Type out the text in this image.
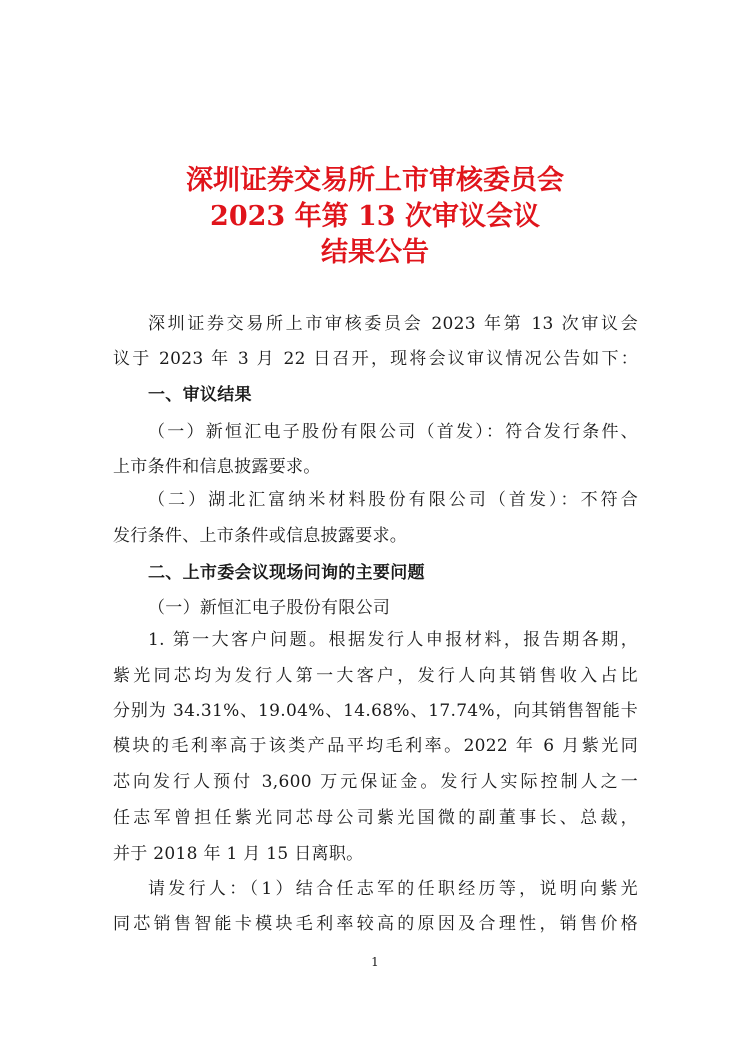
深圳证券交易所上市审核委员会
2023 年第 13 次审议会议
结果公告
深圳证券交易所上市审核委员会 2023 年第 13 次审议会
议于 2023 年 3 月 22 日召开，现将会议审议情况公告如下：
一、审议结果
（一）新恒汇电子股份有限公司（首发）：符合发行条件、
上市条件和信息披露要求。
（二）湖北汇富纳米材料股份有限公司（首发）：不符合
发行条件、上市条件或信息披露要求。
二、上市委会议现场问询的主要问题
（一）新恒汇电子股份有限公司
1. 第一大客户问题。根据发行人申报材料，报告期各期，
紫光同芯均为发行人第一大客户，发行人向其销售收入占比
分别为 34.31%、19.04%、14.68%、17.74%，向其销售智能卡
模块的毛利率高于该类产品平均毛利率。2022 年 6 月紫光同
芯向发行人预付 3,600 万元保证金。发行人实际控制人之一
任志军曾担任紫光同芯母公司紫光国微的副董事长、总裁，
并于 2018 年 1 月 15 日离职。
请发行人：（1）结合任志军的任职经历等，说明向紫光
同芯销售智能卡模块毛利率较高的原因及合理性，销售价格
1
